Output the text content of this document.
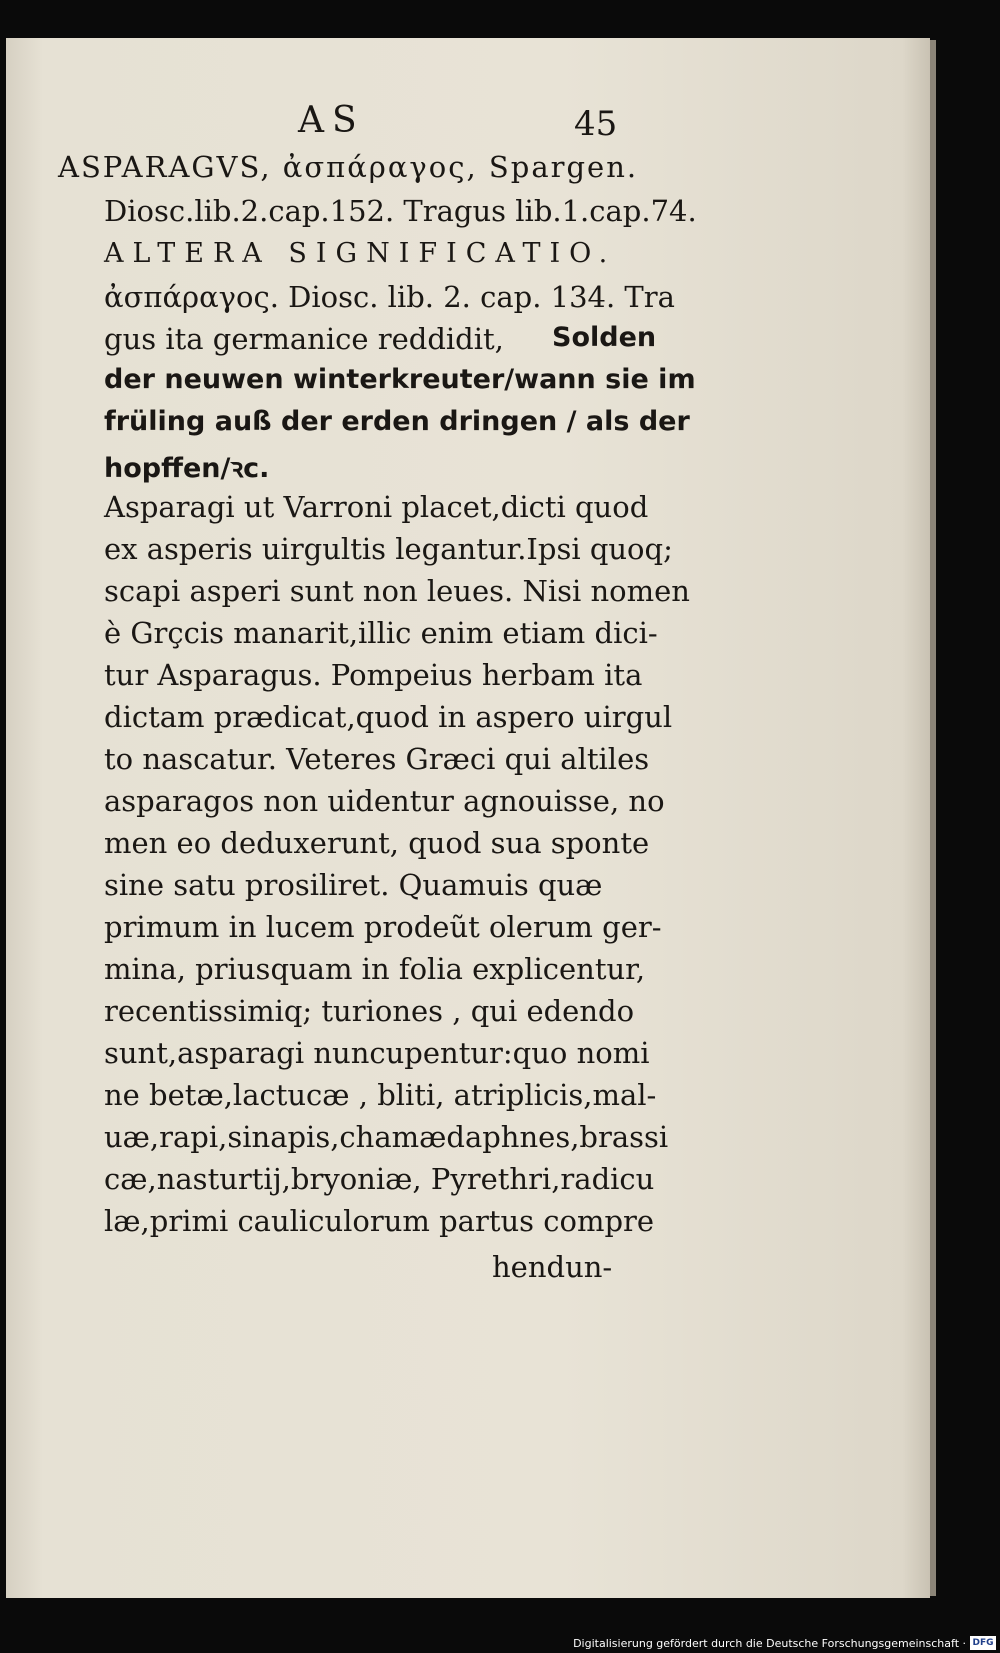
AS	45
ASPARAGVS, ἀσπάραγος, Spargen.
Diosc.lib.2.cap.152. Tragus lib.1.cap.74.
ALTERA SIGNIFICATIO.
ἀσπάραγος. Diosc. lib. 2. cap. 134. Tra
gus ita germanice reddidit, Solden
der neuwen winterkreuter/wann sie im
früling auß der erden dringen / als der
hopffen/ꝛc.
Asparagi ut Varroni placet,dicti quod
ex asperis uirgultis legantur.Ipsi quoq;
scapi asperi sunt non leues. Nisi nomen
è Grçcis manarit,illic enim etiam dici-
tur Asparagus. Pompeius herbam ita
dictam prædicat,quod in aspero uirgul
to nascatur. Veteres Græci qui altiles
asparagos non uidentur agnouisse, no
men eo deduxerunt, quod sua sponte
sine satu prosiliret. Quamuis quæ
primum in lucem prodeũt olerum ger-
mina, priusquam in folia explicentur,
recentissimiq; turiones , qui edendo
sunt,asparagi nuncupentur:quo nomi
ne betæ,lactucæ , bliti, atriplicis,mal-
uæ,rapi,sinapis,chamædaphnes,brassi
cæ,nasturtij,bryoniæ, Pyrethri,radicu
læ,primi cauliculorum partus compre
hendun-
Digitalisierung gefördert durch die Deutsche Forschungsgemeinschaft · DFG
